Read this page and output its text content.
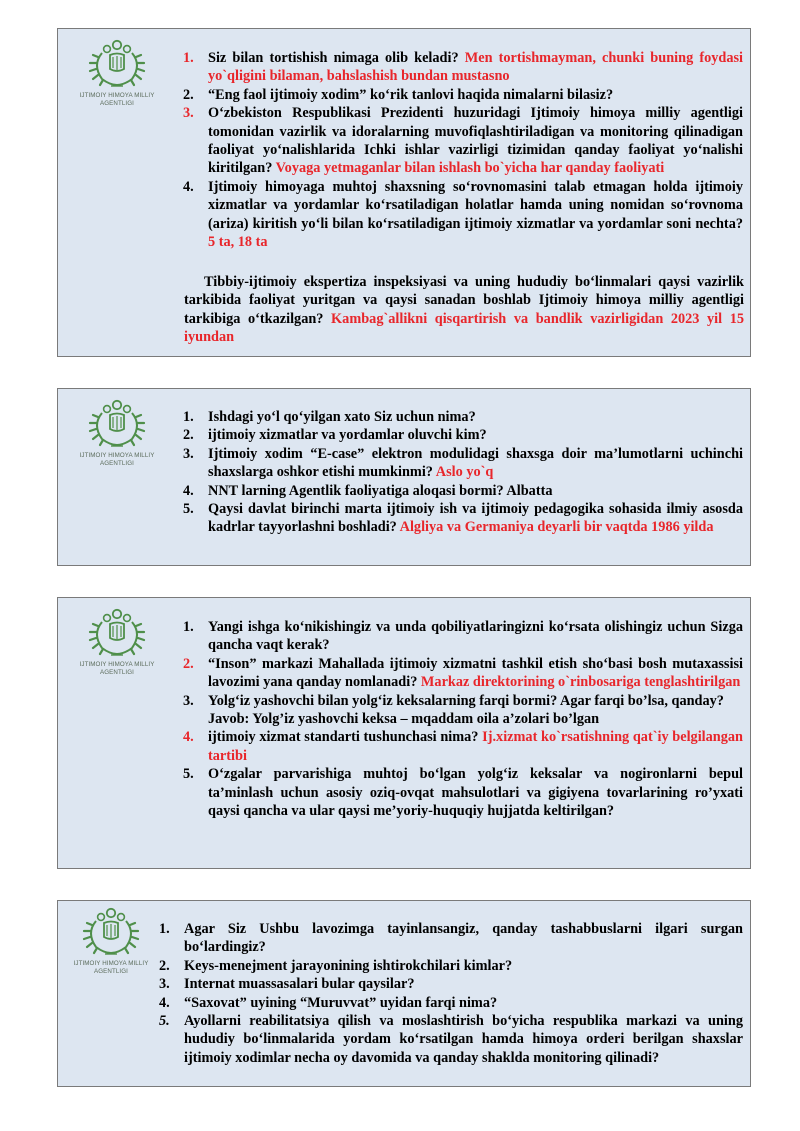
IJTIMOIY HIMOYA MILLIY
AGENTLIGI
1. Siz bilan tortishish nimaga olib keladi? Men tortishmayman, chunki buning foydasi yo`qligini bilaman, bahslashish bundan mustasno
2. “Eng faol ijtimoiy xodim” ko‘rik tanlovi haqida nimalarni bilasiz?
3. O‘zbekiston Respublikasi Prezidenti huzuridagi Ijtimoiy himoya milliy agentligi tomonidan vazirlik va idoralarning muvofiqlashtiriladigan va monitoring qilinadigan faoliyat yo‘nalishlarida Ichki ishlar vazirligi tizimidan qanday faoliyat yo‘nalishi kiritilgan? Voyaga yetmaganlar bilan ishlash bo`yicha har qanday faoliyati
4. Ijtimoiy himoyaga muhtoj shaxsning so‘rovnomasini talab etmagan holda ijtimoiy xizmatlar va yordamlar ko‘rsatiladigan holatlar hamda uning nomidan so‘rovnoma (ariza) kiritish yo‘li bilan ko‘rsatiladigan ijtimoiy xizmatlar va yordamlar soni nechta? 5 ta, 18 ta

Tibbiy-ijtimoiy ekspertiza inspeksiyasi va uning hududiy bo‘linmalari qaysi vazirlik tarkibida faoliyat yuritgan va qaysi sanadan boshlab Ijtimoiy himoya milliy agentligi tarkibiga o‘tkazilgan? Kambag`allikni qisqartirish va bandlik vazirligidan 2023 yil 15 iyundan

IJTIMOIY HIMOYA MILLIY
AGENTLIGI
1. Ishdagi yo‘l qo‘yilgan xato Siz uchun nima?
2. ijtimoiy xizmatlar va yordamlar oluvchi kim?
3. Ijtimoiy xodim “E-case” elektron modulidagi shaxsga doir ma’lumotlarni uchinchi shaxslarga oshkor etishi mumkinmi? Aslo yo`q
4. NNT larning Agentlik faoliyatiga aloqasi bormi? Albatta
5. Qaysi davlat birinchi marta ijtimoiy ish va ijtimoiy pedagogika sohasida ilmiy asosda kadrlar tayyorlashni boshladi? Algliya va Germaniya deyarli bir vaqtda 1986 yilda
IJTIMOIY HIMOYA MILLIY
AGENTLIGI
1. Yangi ishga ko‘nikishingiz va unda qobiliyatlaringizni ko‘rsata olishingiz uchun Sizga qancha vaqt kerak?
2. “Inson” markazi Mahallada ijtimoiy xizmatni tashkil etish sho‘basi bosh mutaxassisi lavozimi yana qanday nomlanadi? Markaz direktorining o`rinbosariga tenglashtirilgan
3. Yolg‘iz yashovchi bilan yolg‘iz keksalarning farqi bormi? Agar farqi bo’lsa, qanday?

Javob: Yolg’iz yashovchi keksa – mqaddam oila a’zolari bo’lgan

4. ijtimoiy xizmat standarti tushunchasi nima? Ij.xizmat ko`rsatishning qat`iy belgilangan tartibi
5. O‘zgalar parvarishiga muhtoj bo‘lgan yolg‘iz keksalar va nogironlarni bepul ta’minlash uchun asosiy oziq-ovqat mahsulotlari va gigiyena tovarlarining ro’yxati qaysi qancha va ular qaysi me’yoriy-huquqiy hujjatda keltirilgan?
IJTIMOIY HIMOYA MILLIY
AGENTLIGI
1. Agar Siz Ushbu lavozimga tayinlansangiz, qanday tashabbuslarni ilgari surgan bo‘lardingiz?
2. Keys-menejment jarayonining ishtirokchilari kimlar?
3. Internat muassasalari bular qaysilar?
4. “Saxovat” uyining “Muruvvat” uyidan farqi nima?
5. Ayollarni reabilitatsiya qilish va moslashtirish bo‘yicha respublika markazi va uning hududiy bo‘linmalarida yordam ko‘rsatilgan hamda himoya orderi berilgan shaxslar ijtimoiy xodimlar necha oy davomida va qanday shaklda monitoring qilinadi?
